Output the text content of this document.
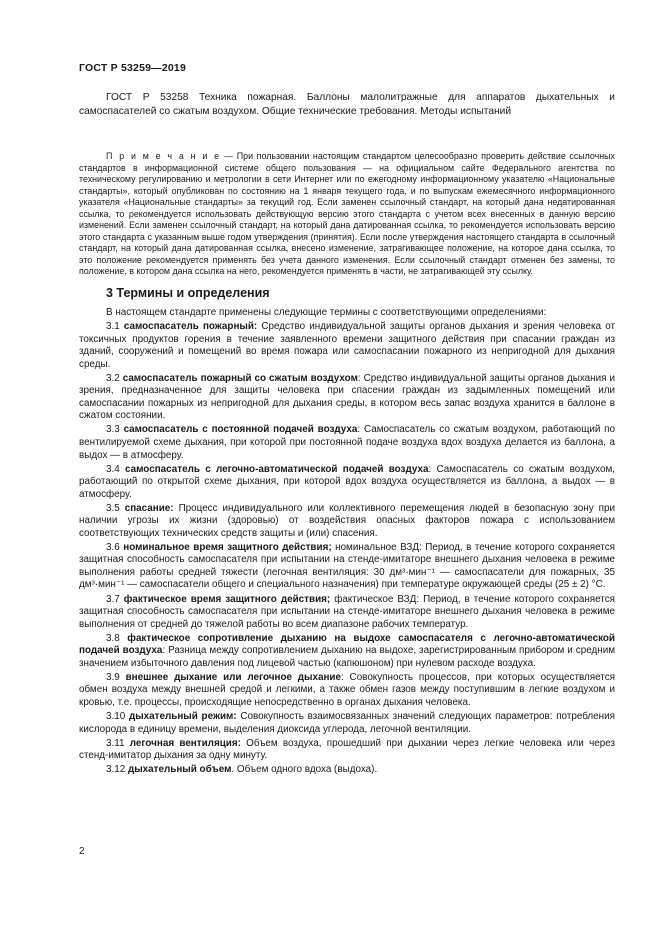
ГОСТ Р 53259—2019

ГОСТ Р 53258 Техника пожарная. Баллоны малолитражные для аппаратов дыхательных и самоспасателей со сжатым воздухом. Общие технические требования. Методы испытаний

П р и м е ч а н и е — При пользовании настоящим стандартом целесообразно проверить действие ссылочных стандартов в информационной системе общего пользования — на официальном сайте Федерального агентства по техническому регулированию и метрологии в сети Интернет или по ежегодному информационному указателю «Национальные стандарты», который опубликован по состоянию на 1 января текущего года, и по выпускам ежемесячного информационного указателя «Национальные стандарты» за текущий год. Если заменен ссылочный стандарт, на который дана недатированная ссылка, то рекомендуется использовать действующую версию этого стандарта с учетом всех внесенных в данную версию изменений. Если заменен ссылочный стандарт, на который дана датированная ссылка, то рекомендуется использовать версию этого стандарта с указанным выше годом утверждения (принятия). Если после утверждения настоящего стандарта в ссылочный стандарт, на который дана датированная ссылка, внесено изменение, затрагивающее положение, на которое дана ссылка, то это положение рекомендуется применять без учета данного изменения. Если ссылочный стандарт отменен без замены, то положение, в котором дана ссылка на него, рекомендуется применять в части, не затрагивающей эту ссылку.

3 Термины и определения

В настоящем стандарте применены следующие термины с соответствующими определениями:

3.1 самоспасатель пожарный: Средство индивидуальной защиты органов дыхания и зрения человека от токсичных продуктов горения в течение заявленного времени защитного действия при спасании граждан из зданий, сооружений и помещений во время пожара или самоспасании пожарного из непригодной для дыхания среды.

3.2 самоспасатель пожарный со сжатым воздухом: Средство индивидуальной защиты органов дыхания и зрения, предназначенное для защиты человека при спасении граждан из задымленных помещений или самоспасании пожарных из непригодной для дыхания среды, в котором весь запас воздуха хранится в баллоне в сжатом состоянии.

3.3 самоспасатель с постоянной подачей воздуха: Самоспасатель со сжатым воздухом, работающий по вентилируемой схеме дыхания, при которой при постоянной подаче воздуха вдох воздуха делается из баллона, а выдох — в атмосферу.

3.4 самоспасатель с легочно-автоматической подачей воздуха: Самоспасатель со сжатым воздухом, работающий по открытой схеме дыхания, при которой вдох воздуха осуществляется из баллона, а выдох — в атмосферу.

3.5 спасание: Процесс индивидуального или коллективного перемещения людей в безопасную зону при наличии угрозы их жизни (здоровью) от воздействия опасных факторов пожара с использованием соответствующих технических средств защиты и (или) спасения.

3.6 номинальное время защитного действия; номинальное ВЗД: Период, в течение которого сохраняется защитная способность самоспасателя при испытании на стенде-имитаторе внешнего дыхания человека в режиме выполнения работы средней тяжести (легочная вентиляция: 30 дм³·мин⁻¹ — самоспасатели для пожарных, 35 дм³·мин⁻¹ — самоспасатели общего и специального назначения) при температуре окружающей среды (25 ± 2) °С.

3.7 фактическое время защитного действия; фактическое ВЗД: Период, в течение которого сохраняется защитная способность самоспасателя при испытании на стенде-имитаторе внешнего дыхания человека в режиме выполнения от средней до тяжелой работы во всем диапазоне рабочих температур.

3.8 фактическое сопротивление дыханию на выдохе самоспасателя с легочно-автоматической подачей воздуха: Разница между сопротивлением дыханию на выдохе, зарегистрированным прибором и средним значением избыточного давления под лицевой частью (капюшоном) при нулевом расходе воздуха.

3.9 внешнее дыхание или легочное дыхание: Совокупность процессов, при которых осуществляется обмен воздуха между внешней средой и легкими, а также обмен газов между поступившим в легкие воздухом и кровью, т.е. процессы, происходящие непосредственно в органах дыхания человека.

3.10 дыхательный режим: Совокупность взаимосвязанных значений следующих параметров: потребления кислорода в единицу времени, выделения диоксида углерода, легочной вентиляции.

3.11 легочная вентиляция: Объем воздуха, прошедший при дыхании через легкие человека или через стенд-имитатор дыхания за одну минуту.

3.12 дыхательный объем. Объем одного вдоха (выдоха).

2
